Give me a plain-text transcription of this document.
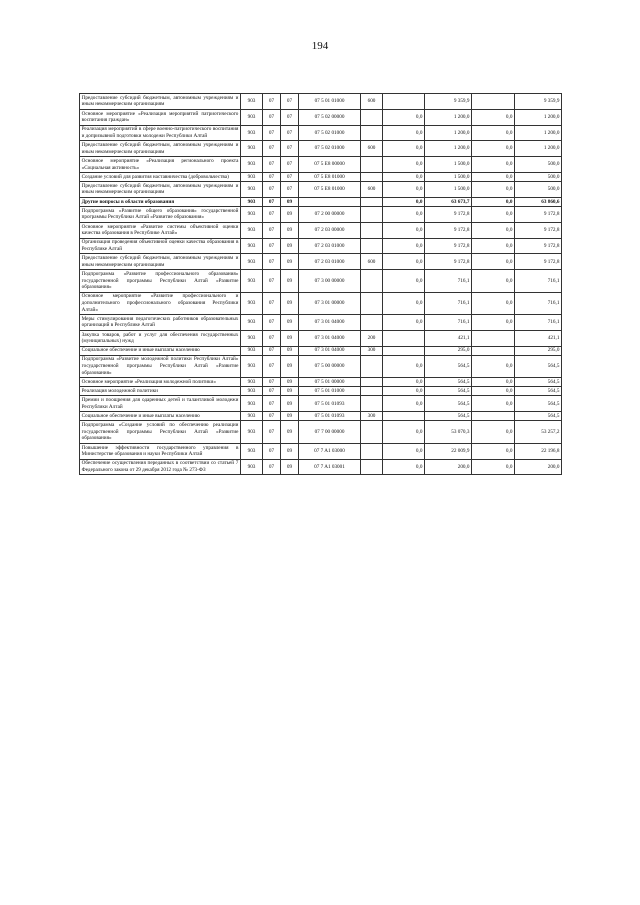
194
Предоставление субсидий бюджетным, автономным учреждениям и иным некоммерческим организациям	903	07	07	07 5 01 01000	600		9 359,9		9 359,9
Основное мероприятие «Реализация мероприятий патриотического воспитания граждан»	903	07	07	07 5 02 00000		0,0	1 200,0	0,0	1 200,0
Реализация мероприятий в сфере военно-патриотического воспитания и допризывной подготовки молодежи Республики Алтай	903	07	07	07 5 02 01000		0,0	1 200,0	0,0	1 200,0
Предоставление субсидий бюджетным, автономным учреждениям и иным некоммерческим организациям	903	07	07	07 5 02 01000	600	0,0	1 200,0	0,0	1 200,0
Основное мероприятие «Реализация регионального проекта «Социальная активность»	903	07	07	07 5 E8 00000		0,0	1 500,0	0,0	500,0
Создание условий для развития наставничества (добровольчества)	903	07	07	07 5 E8 01000		0,0	1 500,0	0,0	500,0
Предоставление субсидий бюджетным, автономным учреждениям и иным некоммерческим организациям	903	07	07	07 5 E8 01000	600	0,0	1 500,0	0,0	500,0
Другие вопросы в области образования	903	07	09			0,0	63 673,7	0,0	63 860,6
Подпрограмма «Развитие общего образования» государственной программы Республики Алтай «Развитие образования»	903	07	09	07 2 00 00000		0,0	9 172,8	0,0	9 172,8
Основное мероприятие «Развитие системы объективной оценки качества образования в Республике Алтай»	903	07	09	07 2 03 00000		0,0	9 172,8	0,0	9 172,8
Организация проведения объективной оценки качества образования в Республике Алтай	903	07	09	07 2 03 01000		0,0	9 172,8	0,0	9 172,8
Предоставление субсидий бюджетным, автономным учреждениям и иным некоммерческим организациям	903	07	09	07 2 03 01000	600	0,0	9 172,8	0,0	9 172,8
Подпрограмма «Развитие профессионального образования» государственной программы Республики Алтай «Развитие образования»	903	07	09	07 3 00 00000		0,0	716,1	0,0	716,1
Основное мероприятие «Развитие профессионального и дополнительного профессионального образования Республики Алтай»	903	07	09	07 3 01 00000		0,0	716,1	0,0	716,1
Меры стимулирования педагогических работников образовательных организаций в Республике Алтай	903	07	09	07 3 01 04000		0,0	716,1	0,0	716,1
Закупка товаров, работ и услуг для обеспечения государственных (муниципальных) нужд	903	07	09	07 3 01 04000	200		421,1		421,1
Социальное обеспечение и иные выплаты населению	903	07	09	07 3 01 04000	300		295,0		295,0
Подпрограмма «Развитие молодежной политики Республики Алтай» государственной программы Республики Алтай «Развитие образования»	903	07	09	07 5 00 00000		0,0	564,5	0,0	564,5
Основное мероприятие «Реализация молодежной политики»	903	07	09	07 5 01 00000		0,0	564,5	0,0	564,5
Реализация молодежной политики	903	07	09	07 5 01 01000		0,0	564,5	0,0	564,5
Премии и поощрения для одаренных детей и талантливой молодежи Республики Алтай	903	07	09	07 5 01 01093		0,0	564,5	0,0	564,5
Социальное обеспечение и иные выплаты населению	903	07	09	07 5 01 01093	300		564,5		564,5
Подпрограмма «Создание условий по обеспечению реализации государственной программы Республики Алтай «Развитие образования»	903	07	09	07 7 00 00000		0,0	53 070,3	0,0	53 257,2
Повышение эффективности государственного управления в Министерстве образования и науки Республики Алтай	903	07	09	07 7 A1 03000		0,0	22 009,9	0,0	22 196,8
Обеспечение осуществления переданных в соответствии со статьей 7 Федерального закона от 29 декабря 2012 года № 273-ФЗ	903	07	09	07 7 A1 03001		0,0	200,0	0,0	200,0
